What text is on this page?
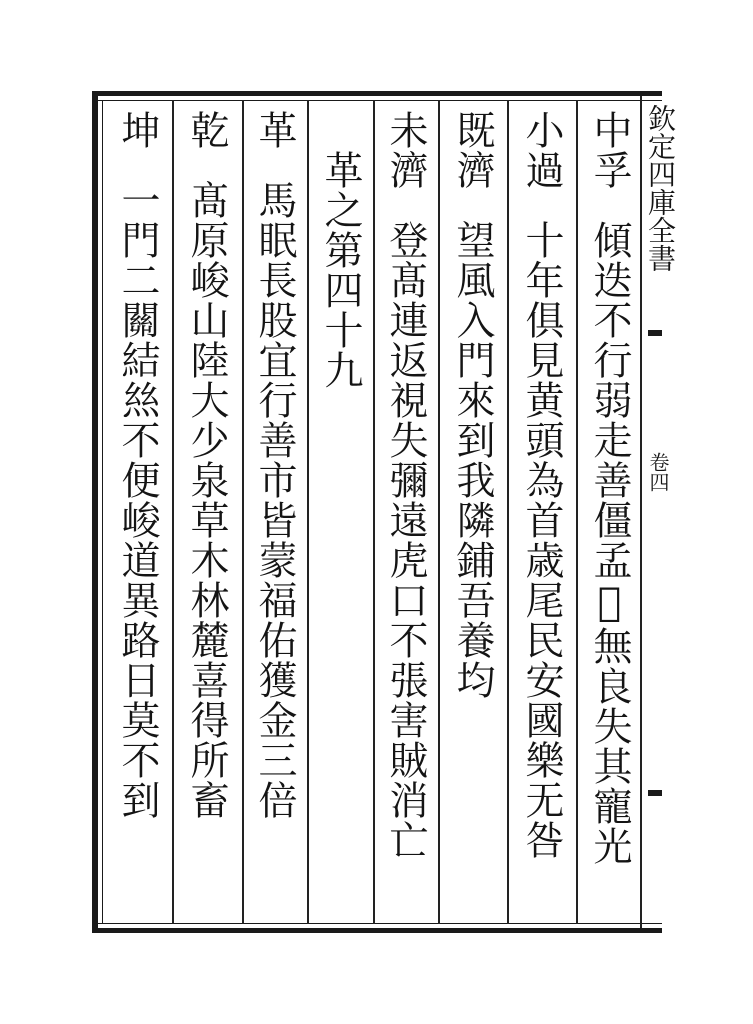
欽定四庫全書
卷四
中孚
傾迭不行弱走善僵孟𢿄無良失其寵光
小過
十年俱見黄頭為首歳尾民安國樂无咎
既濟
望風入門來到我隣鋪吾養均
未濟
登髙連返視失彌遠虎口不張害賊消亡
革之第四十九
革
馬眠長股宜行善市皆蒙福佑獲金三倍
乾
髙原峻山陸大少泉草木林麓喜得所畜
坤
一門二關結𢇁不便峻道異路日莫不到
